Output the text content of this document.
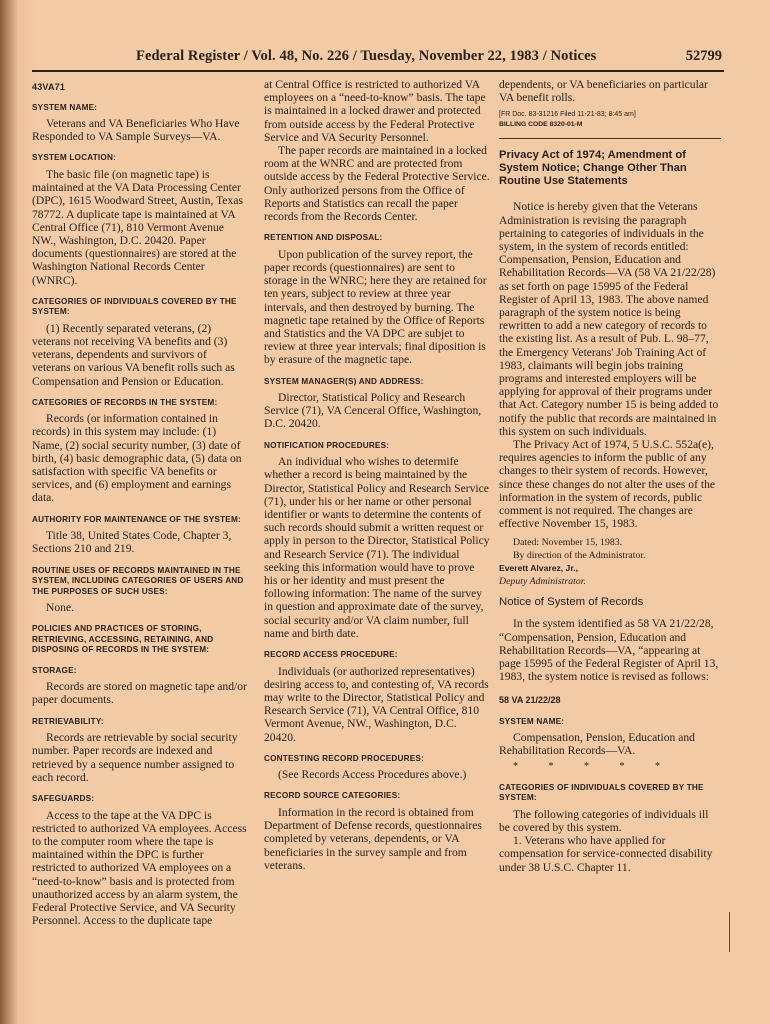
Federal Register / Vol. 48, No. 226 / Tuesday, November 22, 1983 / Notices	52799
43VA71
SYSTEM NAME:

Veterans and VA Beneficiaries Who Have Responded to VA Sample Surveys—VA.

SYSTEM LOCATION:

The basic file (on magnetic tape) is maintained at the VA Data Processing Center (DPC), 1615 Woodward Street, Austin, Texas 78772. A duplicate tape is maintained at VA Central Office (71), 810 Vermont Avenue NW., Washington, D.C. 20420. Paper documents (questionnaires) are stored at the Washington National Records Center (WNRC).

CATEGORIES OF INDIVIDUALS COVERED BY THE SYSTEM:

(1) Recently separated veterans, (2) veterans not receiving VA benefits and (3) veterans, dependents and survivors of veterans on various VA benefit rolls such as Compensation and Pension or Education.

CATEGORIES OF RECORDS IN THE SYSTEM:

Records (or information contained in records) in this system may include: (1) Name, (2) social security number, (3) date of birth, (4) basic demographic data, (5) data on satisfaction with specific VA benefits or services, and (6) employment and earnings data.

AUTHORITY FOR MAINTENANCE OF THE SYSTEM:

Title 38, United States Code, Chapter 3, Sections 210 and 219.

ROUTINE USES OF RECORDS MAINTAINED IN THE SYSTEM, INCLUDING CATEGORIES OF USERS AND THE PURPOSES OF SUCH USES:

None.

POLICIES AND PRACTICES OF STORING, RETRIEVING, ACCESSING, RETAINING, AND DISPOSING OF RECORDS IN THE SYSTEM:
STORAGE:

Records are stored on magnetic tape and/or paper documents.

RETRIEVABILITY:

Records are retrievable by social security number. Paper records are indexed and retrieved by a sequence number assigned to each record.

SAFEGUARDS:

Access to the tape at the VA DPC is restricted to authorized VA employees. Access to the computer room where the tape is maintained within the DPC is further restricted to authorized VA employees on a “need-to-know” basis and is protected from unauthorized access by an alarm system, the Federal Protective Service, and VA Security Personnel. Access to the duplicate tape

at Central Office is restricted to authorized VA employees on a “need-to-know” basis. The tape is maintained in a locked drawer and protected from outside access by the Federal Protective Service and VA Security Personnel.

The paper records are maintained in a locked room at the WNRC and are protected from outside access by the Federal Protective Service. Only authorized persons from the Office of Reports and Statistics can recall the paper records from the Records Center.

RETENTION AND DISPOSAL:

Upon publication of the survey report, the paper records (questionnaires) are sent to storage in the WNRC; here they are retained for ten years, subject to review at three year intervals, and then destroyed by burning. The magnetic tape retained by the Office of Reports and Statistics and the VA DPC are subjet to review at three year intervals; final diposition is by erasure of the magnetic tape.

SYSTEM MANAGER(S) AND ADDRESS:

Director, Statistical Policy and Research Service (71), VA Cenceral Office, Washington, D.C. 20420.

NOTIFICATION PROCEDURES:

An individual who wishes to determife whether a record is being maintained by the Director, Statistical Policy and Research Service (71), under his or her name or other personal identifier or wants to determine the contents of such records should submit a written request or apply in person to the Director, Statistical Policy and Research Service (71). The individual seeking this information would have to prove his or her identity and must present the following information: The name of the survey in question and approximate date of the survey, social security and/or VA claim number, full name and birth date.

RECORD ACCESS PROCEDURE:

Individuals (or authorized representatives) desiring access to, and contesting of, VA records may write to the Director, Statistical Policy and Research Service (71), VA Central Office, 810 Vermont Avenue, NW., Washington, D.C. 20420.

CONTESTING RECORD PROCEDURES:

(See Records Access Procedures above.)

RECORD SOURCE CATEGORIES:

Information in the record is obtained from Department of Defense records, questionnaires completed by veterans, dependents, or VA beneficiaries in the survey sample and from veterans.

dependents, or VA beneficiaries on particular VA benefit rolls.

[FR Doc. 83-31216 Filed 11-21-83; 8:45 am]

BILLING CODE 8320-01-M

Privacy Act of 1974; Amendment of System Notice; Change Other Than Routine Use Statements

Notice is hereby given that the Veterans Administration is revising the paragraph pertaining to categories of individuals in the system, in the system of records entitled: Compensation, Pension, Education and Rehabilitation Records—VA (58 VA 21/22/28) as set forth on page 15995 of the Federal Register of April 13, 1983. The above named paragraph of the system notice is being rewritten to add a new category of records to the existing list. As a result of Pub. L. 98–77, the Emergency Veterans' Job Training Act of 1983, claimants will begin jobs training programs and interested employers will be applying for approval of their programs under that Act. Category number 15 is being added to notify the public that records are maintained in this system on such individuals.

The Privacy Act of 1974, 5 U.S.C. 552a(e), requires agencies to inform the public of any changes to their system of records. However, since these changes do not alter the uses of the information in the system of records, public comment is not required. The changes are effective November 15, 1983.

Dated: November 15, 1983.

By direction of the Administrator.

Everett Alvarez, Jr.,

Deputy Administrator.

Notice of System of Records

In the system identified as 58 VA 21/22/28, “Compensation, Pension, Education and Rehabilitation Records—VA, “appearing at page 15995 of the Federal Register of April 13, 1983, the system notice is revised as follows:

58 VA 21/22/28
SYSTEM NAME:

Compensation, Pension, Education and Rehabilitation Records—VA.

* * * * *
CATEGORIES OF INDIVIDUALS COVERED BY THE SYSTEM:

The following categories of individuals ill be covered by this system.

1. Veterans who have applied for compensation for service-connected disability under 38 U.S.C. Chapter 11.
